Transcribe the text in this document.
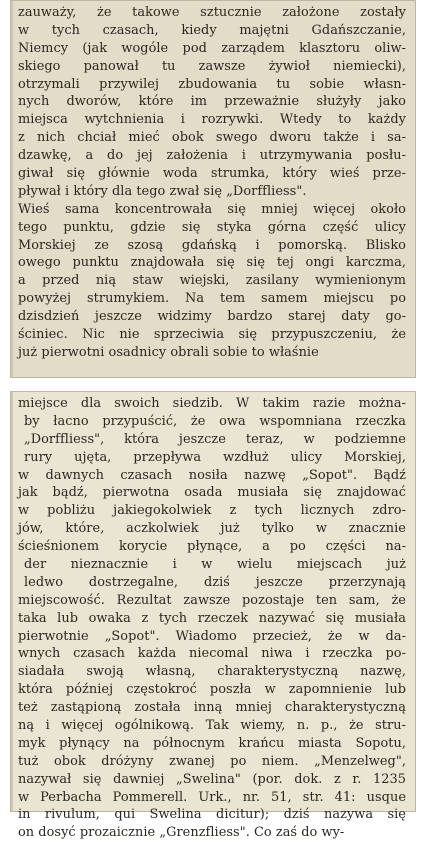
zauważy, że takowe sztucznie założone zostały
w tych czasach, kiedy majętni Gdańszczanie,
Niemcy (jak wogóle pod zarządem klasztoru oliw-
skiego panował tu zawsze żywioł niemiecki),
otrzymali przywilej zbudowania tu sobie własn-
nych dworów, które im przeważnie służyły jako
miejsca wytchnienia i rozrywki. Wtedy to każdy
z nich chciał mieć obok swego dworu także i sa-
dzawkę, a do jej założenia i utrzymywania posłu-
giwał się głównie woda strumka, który wieś prze-
pływał i który dla tego zwał się „Dorffliess".
Wieś sama koncentrowała się mniej więcej około
tego punktu, gdzie się styka górna część ulicy
Morskiej ze szosą gdańską i pomorską. Blisko
owego punktu znajdowała się się tej ongi karczma,
a przed nią staw wiejski, zasilany wymienionym
powyżej strumykiem. Na tem samem miejscu po
dzisdzień jeszcze widzimy bardzo starej daty go-
ściniec. Nic nie sprzeciwia się przypuszczeniu, że
już pierwotni osadnicy obrali sobie to właśnie
miejsce dla swoich siedzib. W takim razie można-
by łacno przypuścić, że owa wspomniana rzeczka
„Dorffliess", która jeszcze teraz, w podziemne
rury ujęta, przepływa wzdłuż ulicy Morskiej,
w dawnych czasach nosiła nazwę „Sopot". Bądź
jak bądź, pierwotna osada musiała się znajdować
w pobliżu jakiegokolwiek z tych licznych zdro-
jów, które, aczkolwiek już tylko w znacznie
ścieśnionem korycie płynące, a po części na-
der nieznacznie i w wielu miejscach już
ledwo dostrzegalne, dziś jeszcze przerzynają
miejscowość. Rezultat zawsze pozostaje ten sam, że
taka lub owaka z tych rzeczek nazywać się musiała
pierwotnie „Sopot". Wiadomo przecież, że w da-
wnych czasach każda niecomal niwa i rzeczka po-
siadała swoją własną, charakterystyczną nazwę,
która później częstokroć poszła w zapomnienie lub
też zastąpioną została inną mniej charakterystyczną
ną i więcej ogólnikową. Tak wiemy, n. p., że stru-
myk płynący na północnym krańcu miasta Sopotu,
tuż obok dróżyny zwanej po niem. „Menzelweg",
nazywał się dawniej „Swelina" (por. dok. z r. 1235
w Perbacha Pommerell. Urk., nr. 51, str. 41: usque
in rivulum, qui Swelina dicitur); dziś nazywa się
on dosyć prozaicznie „Grenzfliess". Co zaś do wy-
